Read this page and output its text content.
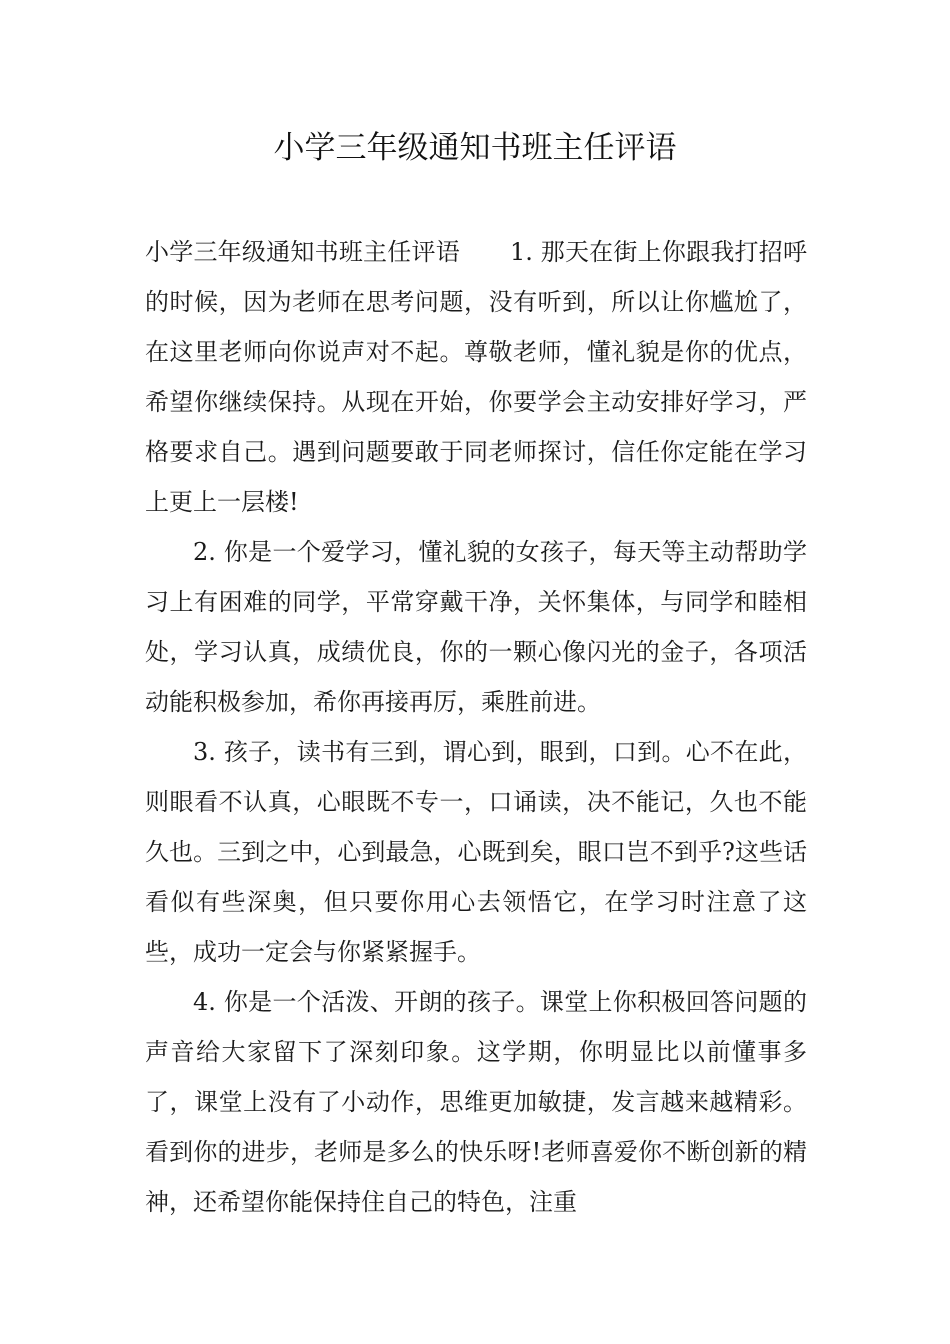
小学三年级通知书班主任评语

小学三年级通知书班主任评语 1. 那天在街上你跟我打招呼的时候，因为老师在思考问题，没有听到，所以让你尴尬了，在这里老师向你说声对不起。尊敬老师，懂礼貌是你的优点，希望你继续保持。从现在开始，你要学会主动安排好学习，严格要求自己。遇到问题要敢于同老师探讨，信任你定能在学习上更上一层楼!

2. 你是一个爱学习，懂礼貌的女孩子，每天等主动帮助学习上有困难的同学，平常穿戴干净，关怀集体，与同学和睦相处，学习认真，成绩优良，你的一颗心像闪光的金子，各项活动能积极参加，希你再接再厉，乘胜前进。

3. 孩子，读书有三到，谓心到，眼到，口到。心不在此，则眼看不认真，心眼既不专一，口诵读，决不能记，久也不能久也。三到之中，心到最急，心既到矣，眼口岂不到乎?这些话看似有些深奥，但只要你用心去领悟它，在学习时注意了这些，成功一定会与你紧紧握手。

4. 你是一个活泼、开朗的孩子。课堂上你积极回答问题的声音给大家留下了深刻印象。这学期，你明显比以前懂事多了，课堂上没有了小动作，思维更加敏捷，发言越来越精彩。看到你的进步，老师是多么的快乐呀!老师喜爱你不断创新的精神，还希望你能保持住自己的特色，注重
